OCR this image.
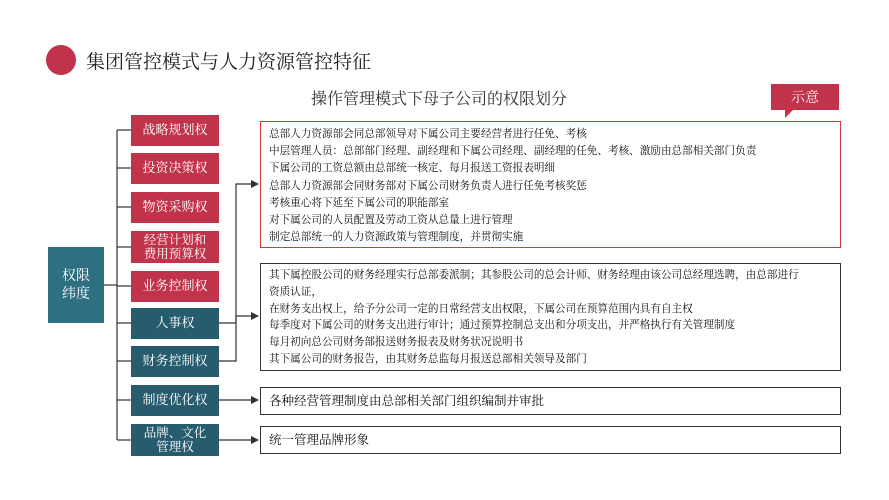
集团管控模式与人力资源管控特征
操作管理模式下母子公司的权限划分	示意
权限
纬度
战略规划权
投资决策权
物资采购权
经营计划和
费用预算权
业务控制权
人事权
财务控制权
制度优化权
品牌、文化
管理权
总部人力资源部会同总部领导对下属公司主要经营者进行任免、考核
中层管理人员：总部部门经理、副经理和下属公司经理、副经理的任免、考核、激励由总部相关部门负责
下属公司的工资总额由总部统一核定、每月报送工资报表明细
总部人力资源部会同财务部对下属公司财务负责人进行任免考核奖惩
考核重心将下延至下属公司的职能部室
对下属公司的人员配置及劳动工资从总量上进行管理
制定总部统一的人力资源政策与管理制度，并贯彻实施
其下属控股公司的财务经理实行总部委派制；其参股公司的总会计师、财务经理由该公司总经理选聘，由总部进行
资质认证，
在财务支出权上，给予分公司一定的日常经营支出权限，下属公司在预算范围内具有自主权
每季度对下属公司的财务支出进行审计；通过预算控制总支出和分项支出，并严格执行有关管理制度
每月初向总公司财务部报送财务报表及财务状况说明书
其下属公司的财务报告，由其财务总监每月报送总部相关领导及部门
各种经营管理制度由总部相关部门组织编制并审批
统一管理品牌形象
